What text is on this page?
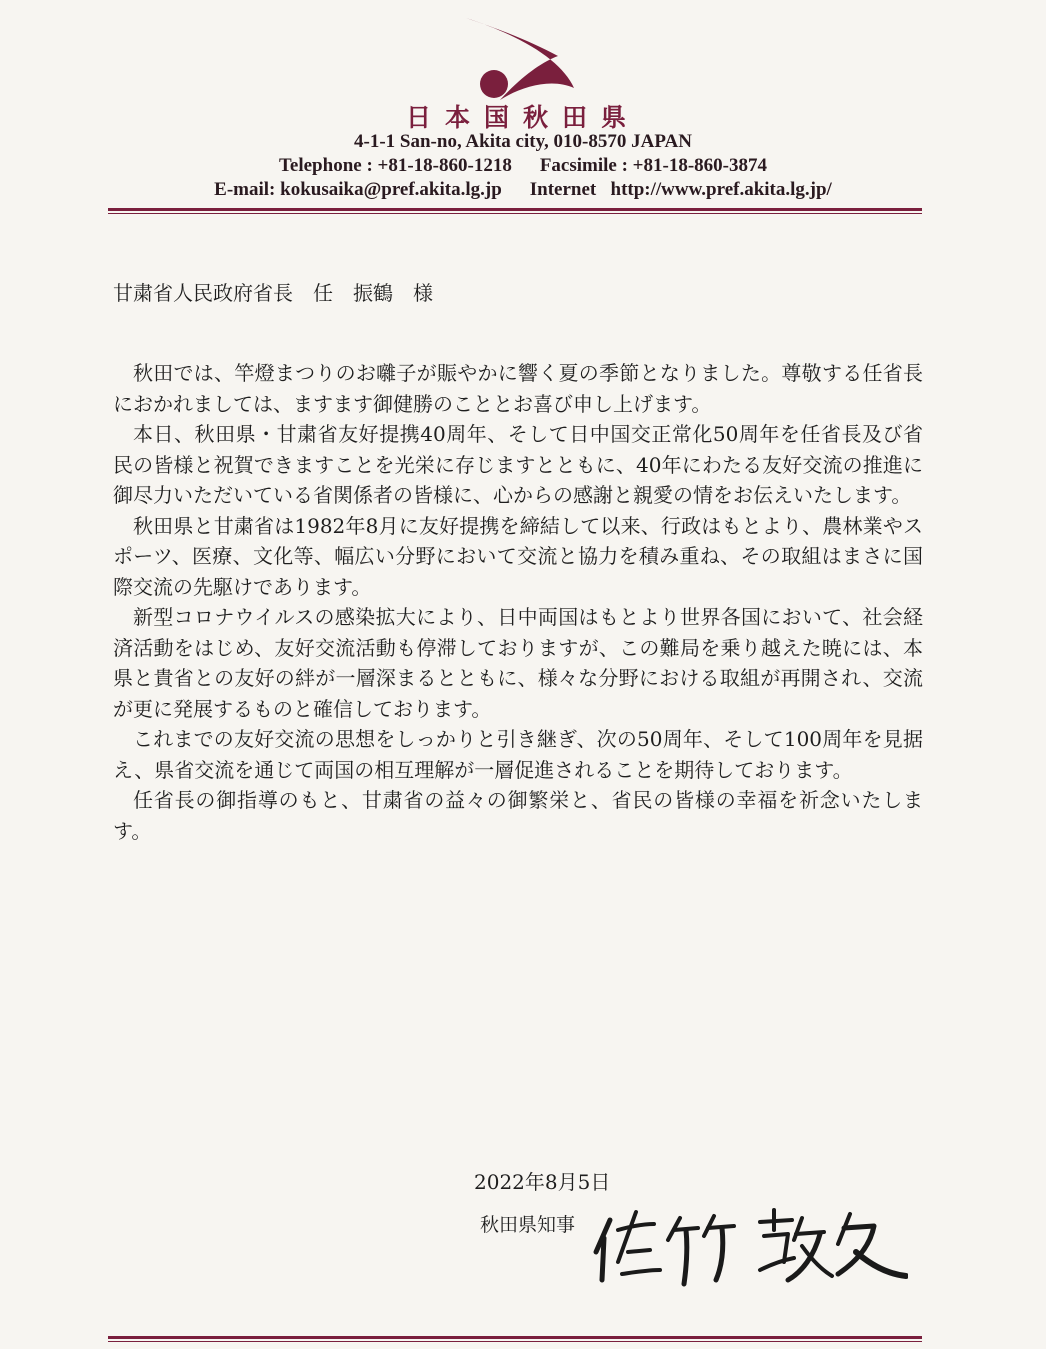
日本国秋田県
4-1-1 San-no, Akita city, 010-8570 JAPAN
Telephone : +81-18-860-1218 Facsimile : +81-18-860-3874
E-mail: kokusaika@pref.akita.lg.jp Internet   http://www.pref.akita.lg.jp/
甘粛省人民政府省長　任　振鶴　様

秋田では、竿燈まつりのお囃子が賑やかに響く夏の季節となりました。尊敬する任省長におかれましては、ますます御健勝のこととお喜び申し上げます。

本日、秋田県・甘粛省友好提携40周年、そして日中国交正常化50周年を任省長及び省民の皆様と祝賀できますことを光栄に存じますとともに、40年にわたる友好交流の推進に御尽力いただいている省関係者の皆様に、心からの感謝と親愛の情をお伝えいたします。

秋田県と甘粛省は1982年8月に友好提携を締結して以来、行政はもとより、農林業やスポーツ、医療、文化等、幅広い分野において交流と協力を積み重ね、その取組はまさに国際交流の先駆けであります。

新型コロナウイルスの感染拡大により、日中両国はもとより世界各国において、社会経済活動をはじめ、友好交流活動も停滞しておりますが、この難局を乗り越えた暁には、本県と貴省との友好の絆が一層深まるとともに、様々な分野における取組が再開され、交流が更に発展するものと確信しております。

これまでの友好交流の思想をしっかりと引き継ぎ、次の50周年、そして100周年を見据え、県省交流を通じて両国の相互理解が一層促進されることを期待しております。

任省長の御指導のもと、甘粛省の益々の御繁栄と、省民の皆様の幸福を祈念いたします。

2022年8月5日
秋田県知事
